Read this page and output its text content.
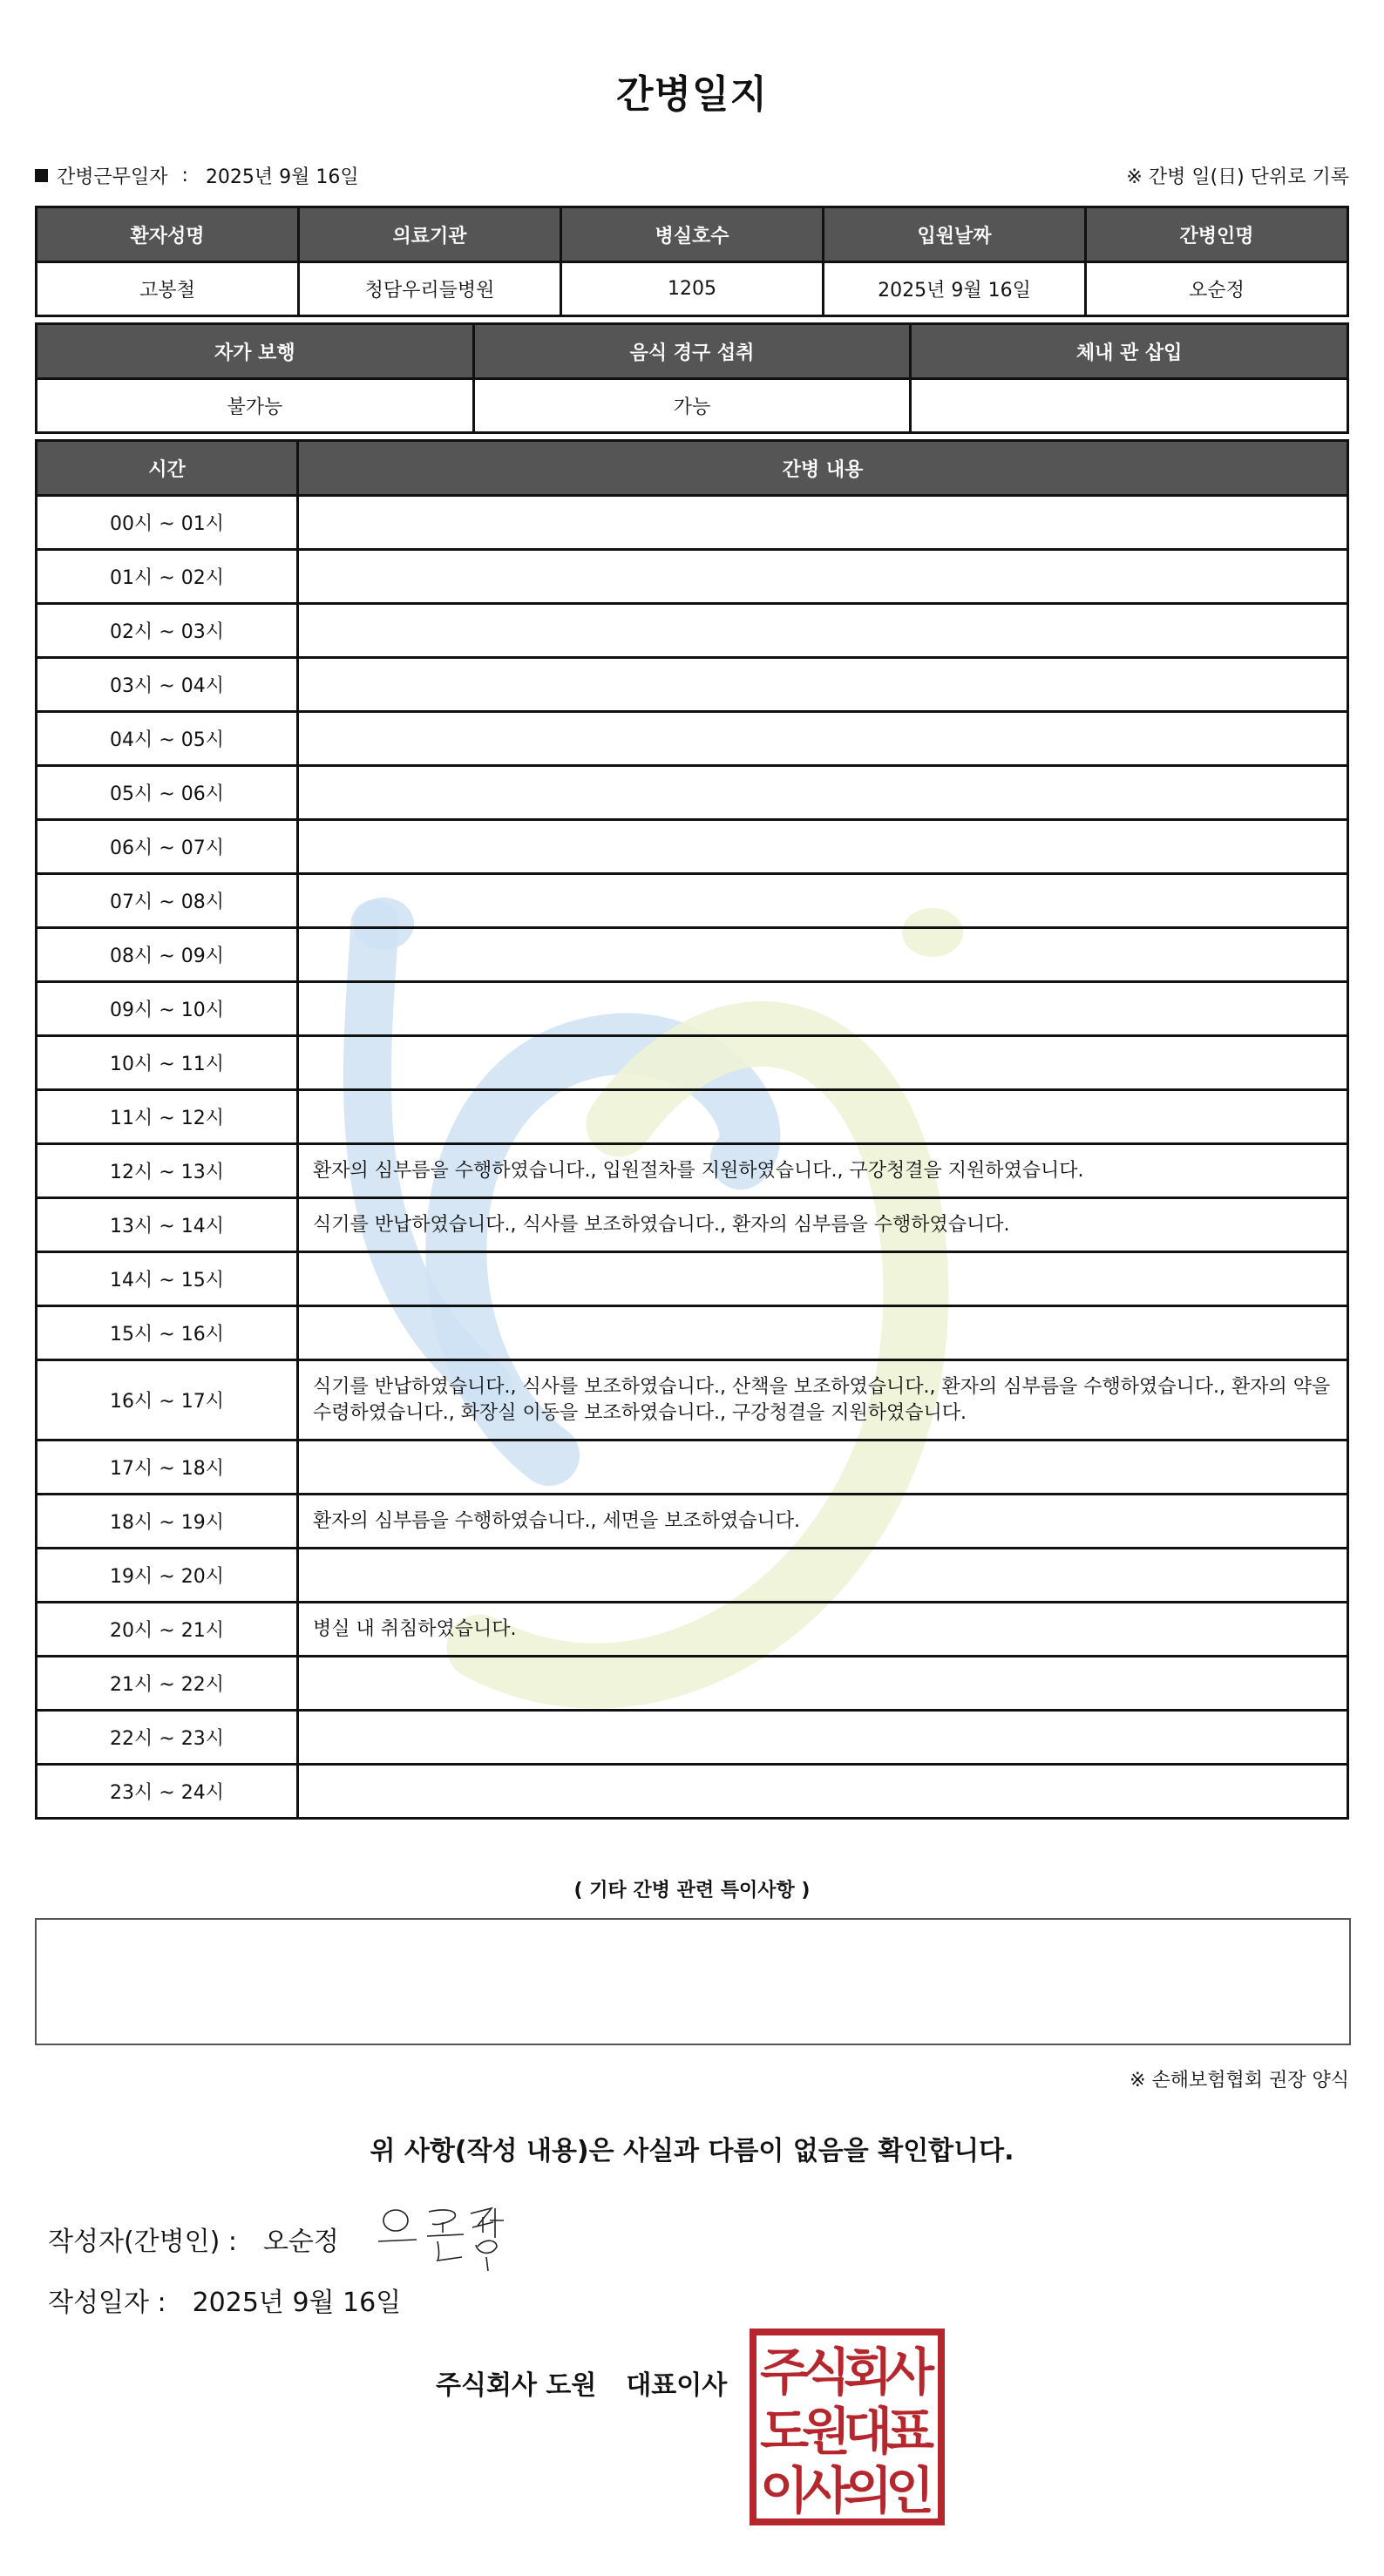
간병일지
간병근무일자 : 2025년 9월 16일	※ 간병 일(日) 단위로 기록
환자성명	의료기관	병실호수	입원날짜	간병인명
고봉철	청담우리들병원	1205	2025년 9월 16일	오순정
자가 보행	음식 경구 섭취	체내 관 삽입
불가능	가능	
시간	간병 내용
00시 ~ 01시	
01시 ~ 02시	
02시 ~ 03시	
03시 ~ 04시	
04시 ~ 05시	
05시 ~ 06시	
06시 ~ 07시	
07시 ~ 08시	
08시 ~ 09시	
09시 ~ 10시	
10시 ~ 11시	
11시 ~ 12시	
12시 ~ 13시	환자의 심부름을 수행하였습니다., 입원절차를 지원하였습니다., 구강청결을 지원하였습니다.
13시 ~ 14시	식기를 반납하였습니다., 식사를 보조하였습니다., 환자의 심부름을 수행하였습니다.
14시 ~ 15시	
15시 ~ 16시	
16시 ~ 17시	식기를 반납하였습니다., 식사를 보조하였습니다., 산책을 보조하였습니다., 환자의 심부름을 수행하였습니다., 환자의 약을 수령하였습니다., 화장실 이동을 보조하였습니다., 구강청결을 지원하였습니다.
17시 ~ 18시	
18시 ~ 19시	환자의 심부름을 수행하였습니다., 세면을 보조하였습니다.
19시 ~ 20시	
20시 ~ 21시	병실 내 취침하였습니다.
21시 ~ 22시	
22시 ~ 23시	
23시 ~ 24시	
( 기타 간병 관련 특이사항 )
※ 손해보험협회 권장 양식
위 사항(작성 내용)은 사실과 다름이 없음을 확인합니다.
작성자(간병인) : 오순정
작성일자 : 2025년 9월 16일
주식회사 도원 대표이사 주
식
회
사
도
원
대
표
이
사
의
인
